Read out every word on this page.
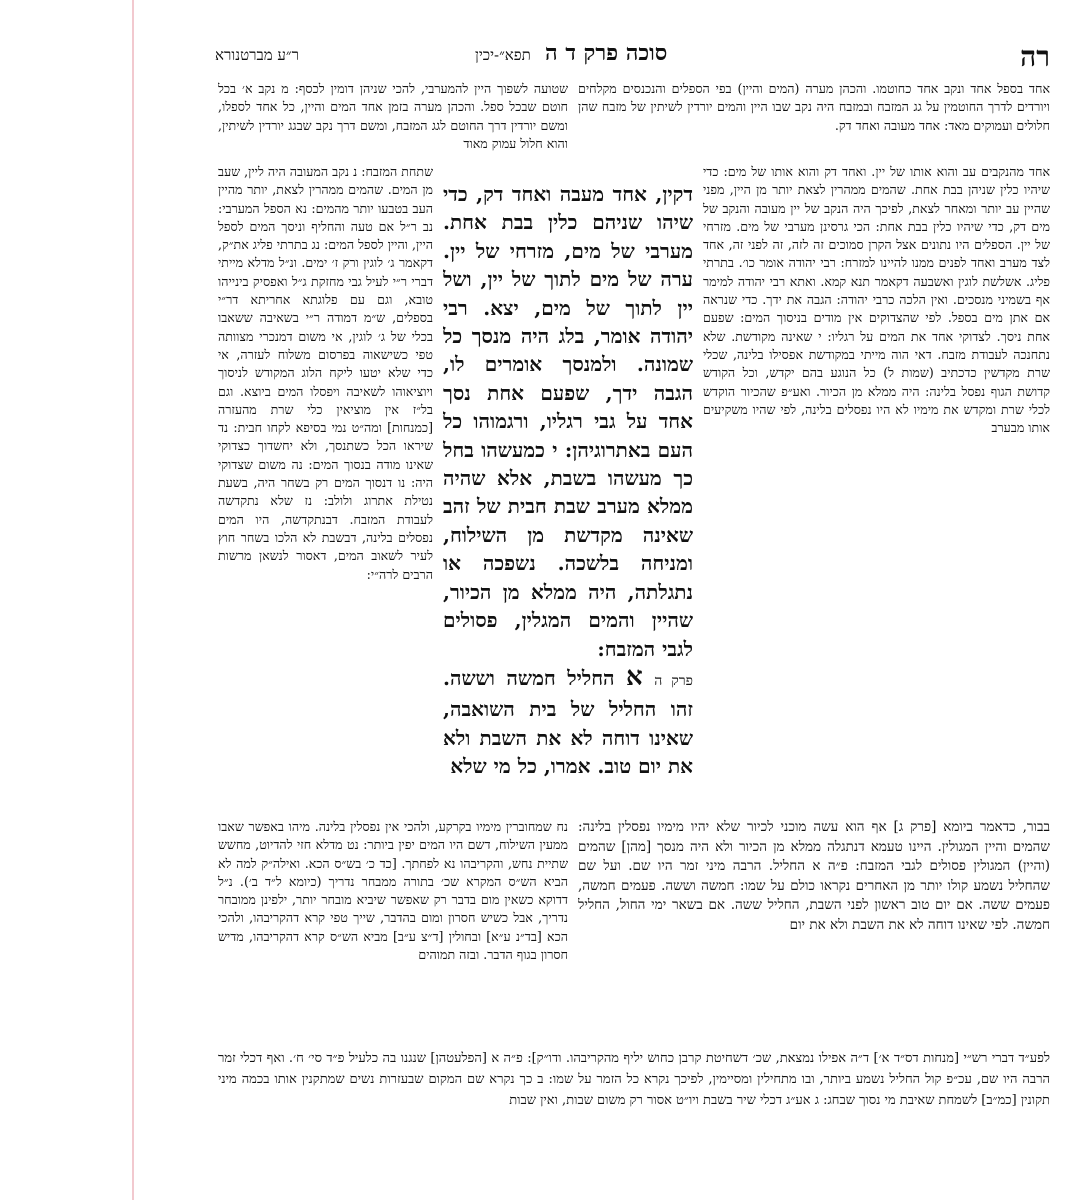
רה
סוכה פרק ד ה
תפא״-יכין
ר״ע מברטנורא

אחד בספל אחד ונקב אחד כחוטמו. והכהן מערה (המים והיין) בפי הספלים והנכנסים מקלחים ויורדים לדרך החוטמין על גג המזבח ובמזבח היה נקב שבו היין והמים יורדין לשיתין של מזבח שהן חלולים ועמוקים מאד: אחד מעובה ואחד דק.

שטועה לשפוך היין להמערבי, להכי שניהן דומין לכסף: מ נקב א׳ בכל חוטם שבכל ספל. והכהן מערה בזמן אחד המים והיין, כל אחד לספלו, ומשם יורדין דרך החוטם לגג המזבח, ומשם דרך נקב שבגג יורדין לשיתין, והוא חלול עמוק מאוד

אחד מהנקבים עב והוא אותו של יין. ואחד דק והוא אותו של מים: כדי שיהיו כלין שניהן בבת אחת. שהמים ממהרין לצאת יותר מן היין, מפני שהיין עב יותר ומאחר לצאת, לפיכך היה הנקב של יין מעובה והנקב של מים דק, כדי שיהיו כלין בבת אחת: הכי גרסינן מערבי של מים. מזרחי של יין. הספלים היו נתונים אצל הקרן סמוכים זה לזה, זה לפני זה, אחד לצד מערב ואחד לפנים ממנו להיינו למזרח: רבי יהודה אומר כו׳. בתרתי פליג. אשלשת לוגין ואשבעה דקאמר תנא קמא. ואתא רבי יהודה למימר אף בשמיני מנסכים. ואין הלכה כרבי יהודה: הגבה את ידך. כדי שנראה אם אתן מים בספל. לפי שהצדוקים אין מודים בניסוך המים: שפעם אחת ניסך. לצדוקי אחד את המים על רגליו: י שאינה מקודשת. שלא נתחנכה לעבודת מזבח. דאי הוה מייתי במקודשת אפסילו בלינה, שכלי שרת מקדשין כדכתיב (שמות ל) כל הנוגע בהם יקדש, וכל הקודש קדושת הגוף נפסל בלינה: היה ממלא מן הכיור. ואע״פ שהכיור הוקדש לכלי שרת ומקדש את מימיו לא היו נפסלים בלינה, לפי שהיו משקיעים אותו מבערב

דקין, אחד מעבה ואחד דק, כדי שיהו שניהם כלין בבת אחת. מערבי של מים, מזרחי של יין. ערה של מים לתוך של יין, ושל יין לתוך של מים, יצא. רבי יהודה אומר, בלג היה מנסך כל שמונה. ולמנסך אומרים לו, הגבה ידך, שפעם אחת נסך אחד על גבי רגליו, ורגמוהו כל העם באתרוגיהן: י כמעשהו בחל כך מעשהו בשבת, אלא שהיה ממלא מערב שבת חבית של זהב שאינה מקדשת מן השילוח, ומניחה בלשכה. נשפכה או נתגלתה, היה ממלא מן הכיור, שהיין והמים המגלין, פסולים לגבי המזבח:

פרק ה א החליל חמשה וששה. זהו החליל של בית השואבה, שאינו דוחה לא את השבת ולא את יום טוב. אמרו, כל מי שלא

שתחת המזבח: נ נקב המעובה היה ליין, שעב מן המים. שהמים ממהרין לצאת, יותר מהיין העב בטבעו יותר מהמים: נא הספל המערבי: נב ר״ל אם טעה והחליף וניסך המים לספל היין, והיין לספל המים: נג בתרתי פליג את״ק, דקאמר ג׳ לוגין ורק ז׳ ימים. ונ״ל מדלא מייתי דברי ר״י לעיל גבי מחזקת ג״ל ואפסיק בינייהו טובא, וגם עם פלוגתא אחריתא דר״י בספלים, ש״מ דמודה ר״י בשאיבה ששאבו בכלי של ג׳ לוגין, אי משום דמנכרי מצוותה טפי כשישאוה בפרסום משלוח לעזרה, אי כדי שלא יטעו ליקח הלוג המקודש לניסוך ויוציאוהו לשאיבה ויפסלו המים ביוצא. וגם בל״ז אין מוציאין כלי שרת מהעזרה [כמנחות] ומה״ט נמי בסיפא לקחו חבית: נד שיראו הכל כשתנסך, ולא יחשדוך כצדוקי שאינו מודה בנסוך המים: נה משום שצדוקי היה: נו דנסוך המים רק בשחר היה, בשעת נטילת אתרוג ולולב: נז שלא נתקדשה לעבודת המזבח. דבנתקדשה, היו המים נפסלים בלינה, דבשבת לא הלכו בשחר חוץ לעיר לשאוב המים, דאסור לנשאן מרשות הרבים לרה״י:

בבור, כדאמר ביומא [פרק ג] אף הוא עשה מוכני לכיור שלא יהיו מימיו נפסלין בלינה: שהמים והיין המגולין. היינו טעמא דנתגלה ממלא מן הכיור ולא היה מנסך [מהן] שהמים (והיין) המגולין פסולים לגבי המזבח: פ״ה א החליל. הרבה מיני זמר היו שם. ועל שם שהחליל נשמע קולו יותר מן האחרים נקראו כולם על שמו: חמשה וששה. פעמים חמשה, פעמים ששה. אם יום טוב ראשון לפני השבת, החליל ששה. אם בשאר ימי החול, החליל חמשה. לפי שאינו דוחה לא את השבת ולא את יום

נח שמחוברין מימיו בקרקע, ולהכי אין נפסלין בלינה. מיהו באפשר שאבו ממעין השילוח, דשם היו המים יפין ביותר: נט מדלא חזי להדיוט, מחשש שתיית נחש, והקריבהו נא לפחתך. [כד כ׳ בש״ס הכא. ואילה״ק למה לא הביא הש״ס המקרא שכ׳ בתורה ממבחר נדריך (כיומא ל״ד ב׳). נ״ל דדוקא כשאין מום בדבר רק שאפשר שיביא מובחר יותר, ילפינן ממובחר נדריך, אבל כשיש חסרון ומום בהדבר, שייך טפי קרא דהקריבהו, ולהכי הכא [בד״נ ע״א] ובחולין [ד״צ ע״ב] מביא הש״ס קרא דהקריבהו, מדיש חסרון בגוף הדבר. ובזה תמוהים

לפע״ד דברי רש״י [מנחות דס״ד א׳] ד״ה אפילו נמצאת, שכ׳ דשחיטת קרבן כחוש יליף מהקריבהו. ודו״ק]: פ״ה א [הפלעטהן] שנגנו בה כלעיל פ״ד סי׳ ח׳. ואף דכלי זמר הרבה היו שם, עכ״פ קול החליל נשמע ביותר, ובו מתחילין ומסיימין, לפיכך נקרא כל הזמר על שמו: ב כך נקרא שם המקום שבעזרות נשים שמתקנין אותו בכמה מיני תקונין [כמ״ב] לשמחת שאיבת מי נסוך שבחג: ג אע״ג דכלי שיר בשבת ויו״ט אסור רק משום שבות, ואין שבות
